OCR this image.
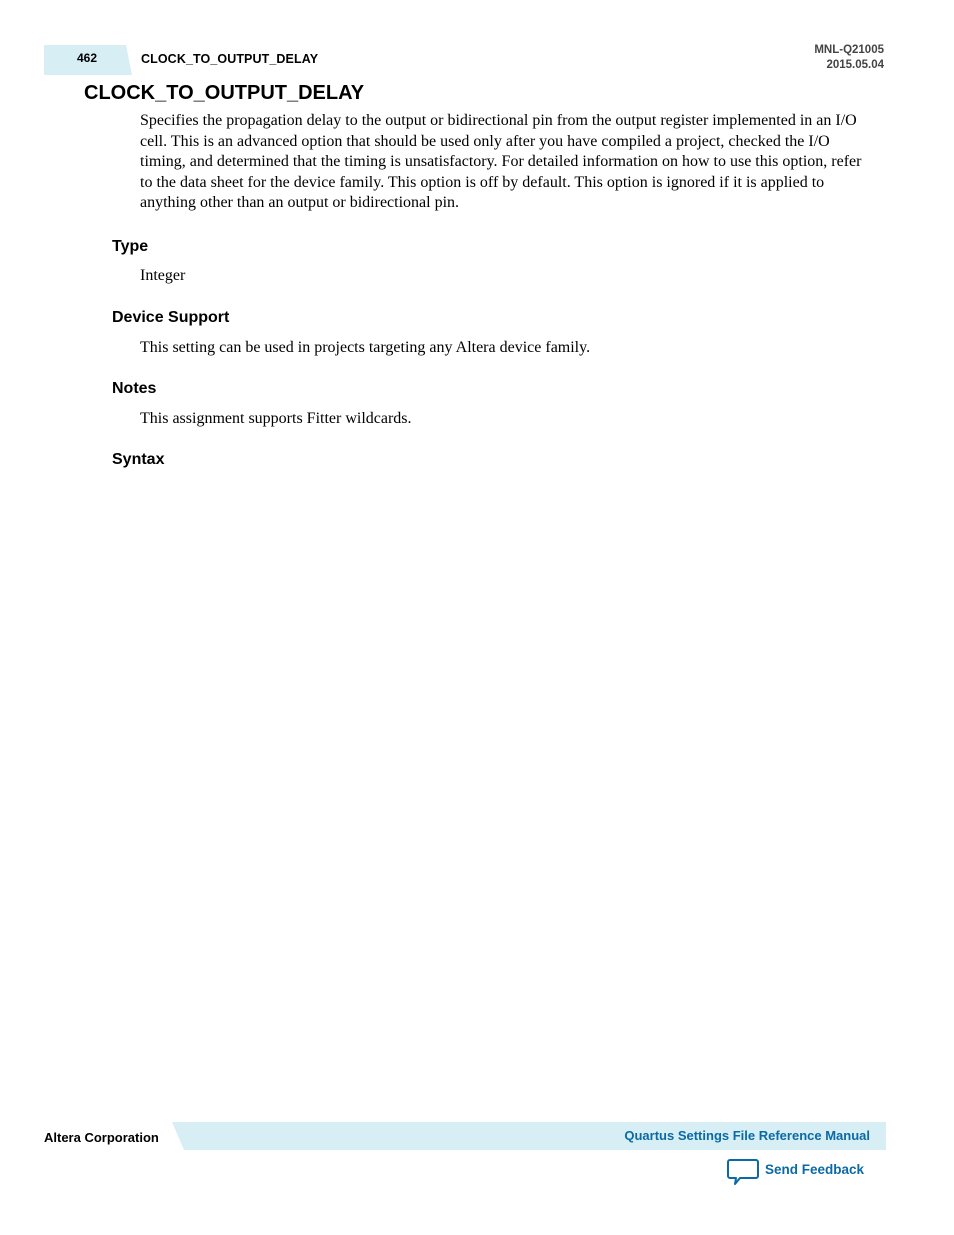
462	CLOCK_TO_OUTPUT_DELAY
MNL-Q21005
2015.05.04
CLOCK_TO_OUTPUT_DELAY

Specifies the propagation delay to the output or bidirectional pin from the output register implemented in an I/O cell. This is an advanced option that should be used only after you have compiled a project, checked the I/O timing, and determined that the timing is unsatisfactory. For detailed information on how to use this option, refer to the data sheet for the device family. This option is off by default. This option is ignored if it is applied to anything other than an output or bidirectional pin.

Type

Integer

Device Support

This setting can be used in projects targeting any Altera device family.

Notes

This assignment supports Fitter wildcards.

Syntax
Altera Corporation	Quartus Settings File Reference Manual
Send Feedback
